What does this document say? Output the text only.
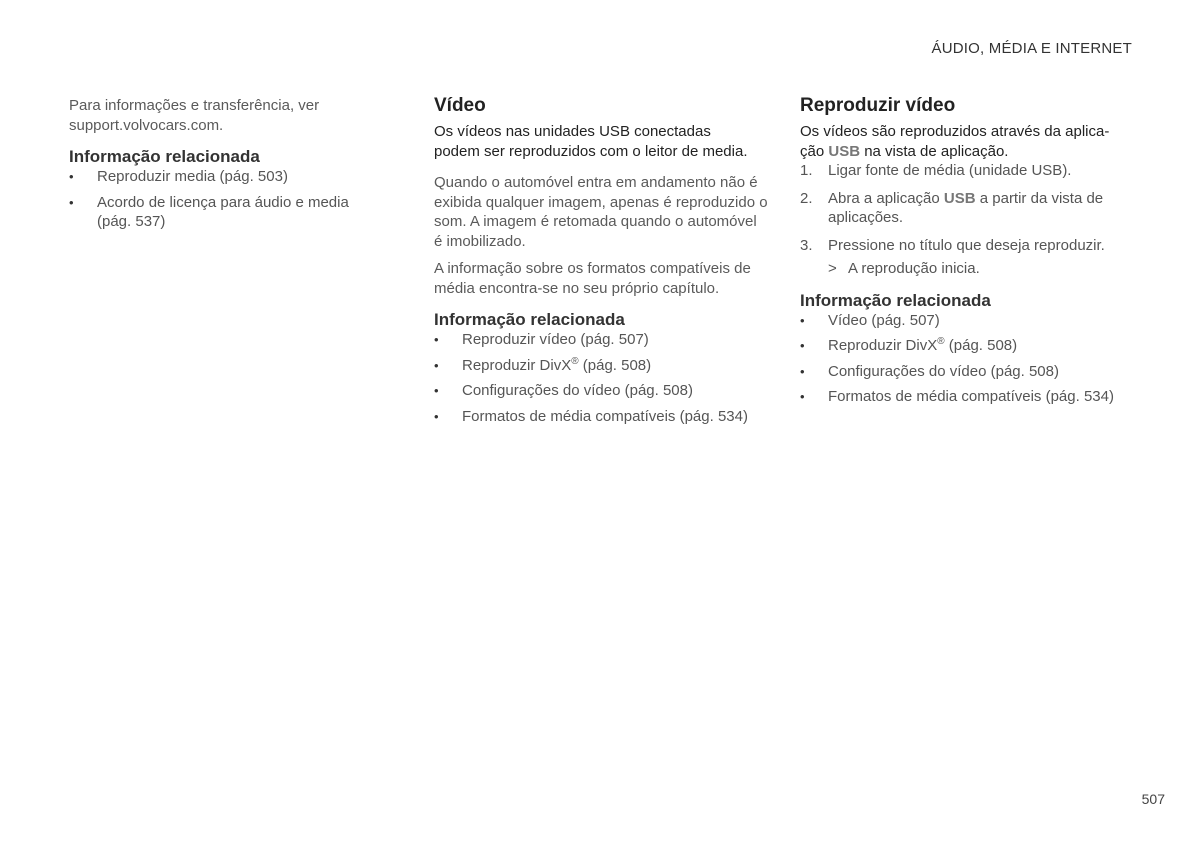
ÁUDIO, MÉDIA E INTERNET

Para informações e transferência, ver
support.volvocars.com.

Informação relacionada
• Reproduzir media (pág. 503)
• Acordo de licença para áudio e media
(pág. 537)
Vídeo

Os vídeos nas unidades USB conectadas
podem ser reproduzidos com o leitor de media.

Quando o automóvel entra em andamento não é
exibida qualquer imagem, apenas é reproduzido o
som. A imagem é retomada quando o automóvel
é imobilizado.

A informação sobre os formatos compatíveis de
média encontra-se no seu próprio capítulo.

Informação relacionada
• Reproduzir vídeo (pág. 507)
• Reproduzir DivX® (pág. 508)
• Configurações do vídeo (pág. 508)
• Formatos de média compatíveis (pág. 534)
Reproduzir vídeo

Os vídeos são reproduzidos através da aplica-
ção USB na vista de aplicação.

1. Ligar fonte de média (unidade USB).
2. Abra a aplicação USB a partir da vista de
aplicações.
3. Pressione no título que deseja reproduzir.
> A reprodução inicia.
Informação relacionada
• Vídeo (pág. 507)
• Reproduzir DivX® (pág. 508)
• Configurações do vídeo (pág. 508)
• Formatos de média compatíveis (pág. 534)
507
